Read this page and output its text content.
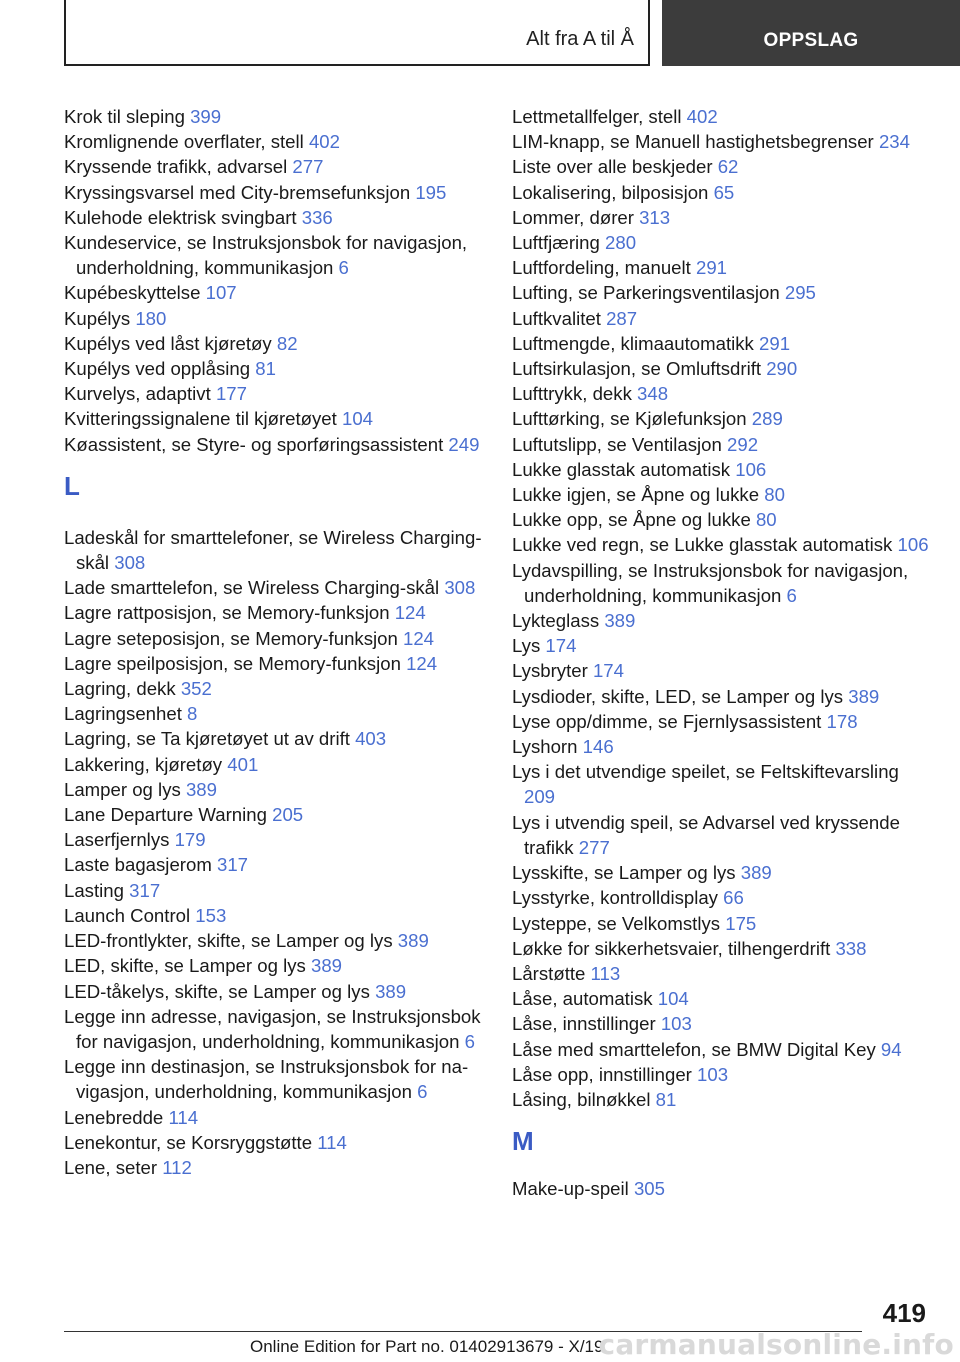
Alt fra A til Å	OPPSLAG
Krok til sleping 399
Kromlignende overflater, stell 402
Kryssende trafikk, advarsel 277
Kryssingsvarsel med City-bremsefunksjon 195
Kulehode elektrisk svingbart 336
Kundeservice, se Instruksjonsbok for navigasjon, underholdning, kommunikasjon 6
Kupébeskyttelse 107
Kupélys 180
Kupélys ved låst kjøretøy 82
Kupélys ved opplåsing 81
Kurvelys, adaptivt 177
Kvitteringssignalene til kjøretøyet 104
Køassistent, se Styre- og sporføringsassistent 249
L
Ladeskål for smarttelefoner, se Wireless Charging-skål 308
Lade smarttelefon, se Wireless Charging-skål 308
Lagre rattposisjon, se Memory-funksjon 124
Lagre seteposisjon, se Memory-funksjon 124
Lagre speilposisjon, se Memory-funksjon 124
Lagring, dekk 352
Lagringsenhet 8
Lagring, se Ta kjøretøyet ut av drift 403
Lakkering, kjøretøy 401
Lamper og lys 389
Lane Departure Warning 205
Laserfjernlys 179
Laste bagasjerom 317
Lasting 317
Launch Control 153
LED-frontlykter, skifte, se Lamper og lys 389
LED, skifte, se Lamper og lys 389
LED-tåkelys, skifte, se Lamper og lys 389
Legge inn adresse, navigasjon, se Instruksjonsbok for navigasjon, underholdning, kommunikasjon 6
Legge inn destinasjon, se Instruksjonsbok for navigasjon, underholdning, kommunikasjon 6
Lenebredde 114
Lenekontur, se Korsryggstøtte 114
Lene, seter 112
Lettmetallfelger, stell 402
LIM-knapp, se Manuell hastighetsbegrenser 234
Liste over alle beskjeder 62
Lokalisering, bilposisjon 65
Lommer, dører 313
Luftfjæring 280
Luftfordeling, manuelt 291
Lufting, se Parkeringsventilasjon 295
Luftkvalitet 287
Luftmengde, klimaautomatikk 291
Luftsirkulasjon, se Omluftsdrift 290
Lufttrykk, dekk 348
Lufttørking, se Kjølefunksjon 289
Luftutslipp, se Ventilasjon 292
Lukke glasstak automatisk 106
Lukke igjen, se Åpne og lukke 80
Lukke opp, se Åpne og lukke 80
Lukke ved regn, se Lukke glasstak automatisk 106
Lydavspilling, se Instruksjonsbok for navigasjon, underholdning, kommunikasjon 6
Lykteglass 389
Lys 174
Lysbryter 174
Lysdioder, skifte, LED, se Lamper og lys 389
Lyse opp/dimme, se Fjernlysassistent 178
Lyshorn 146
Lys i det utvendige speilet, se Feltskiftevarsling 209
Lys i utvendig speil, se Advarsel ved kryssende trafikk 277
Lysskifte, se Lamper og lys 389
Lysstyrke, kontrolldisplay 66
Lysteppe, se Velkomstlys 175
Løkke for sikkerhetsvaier, tilhengerdrift 338
Lårstøtte 113
Låse, automatisk 104
Låse, innstillinger 103
Låse med smarttelefon, se BMW Digital Key 94
Låse opp, innstillinger 103
Låsing, bilnøkkel 81
M
Make-up-speil 305
419
Online Edition for Part no. 01402913679 - X/19
carmanualsonline.info
